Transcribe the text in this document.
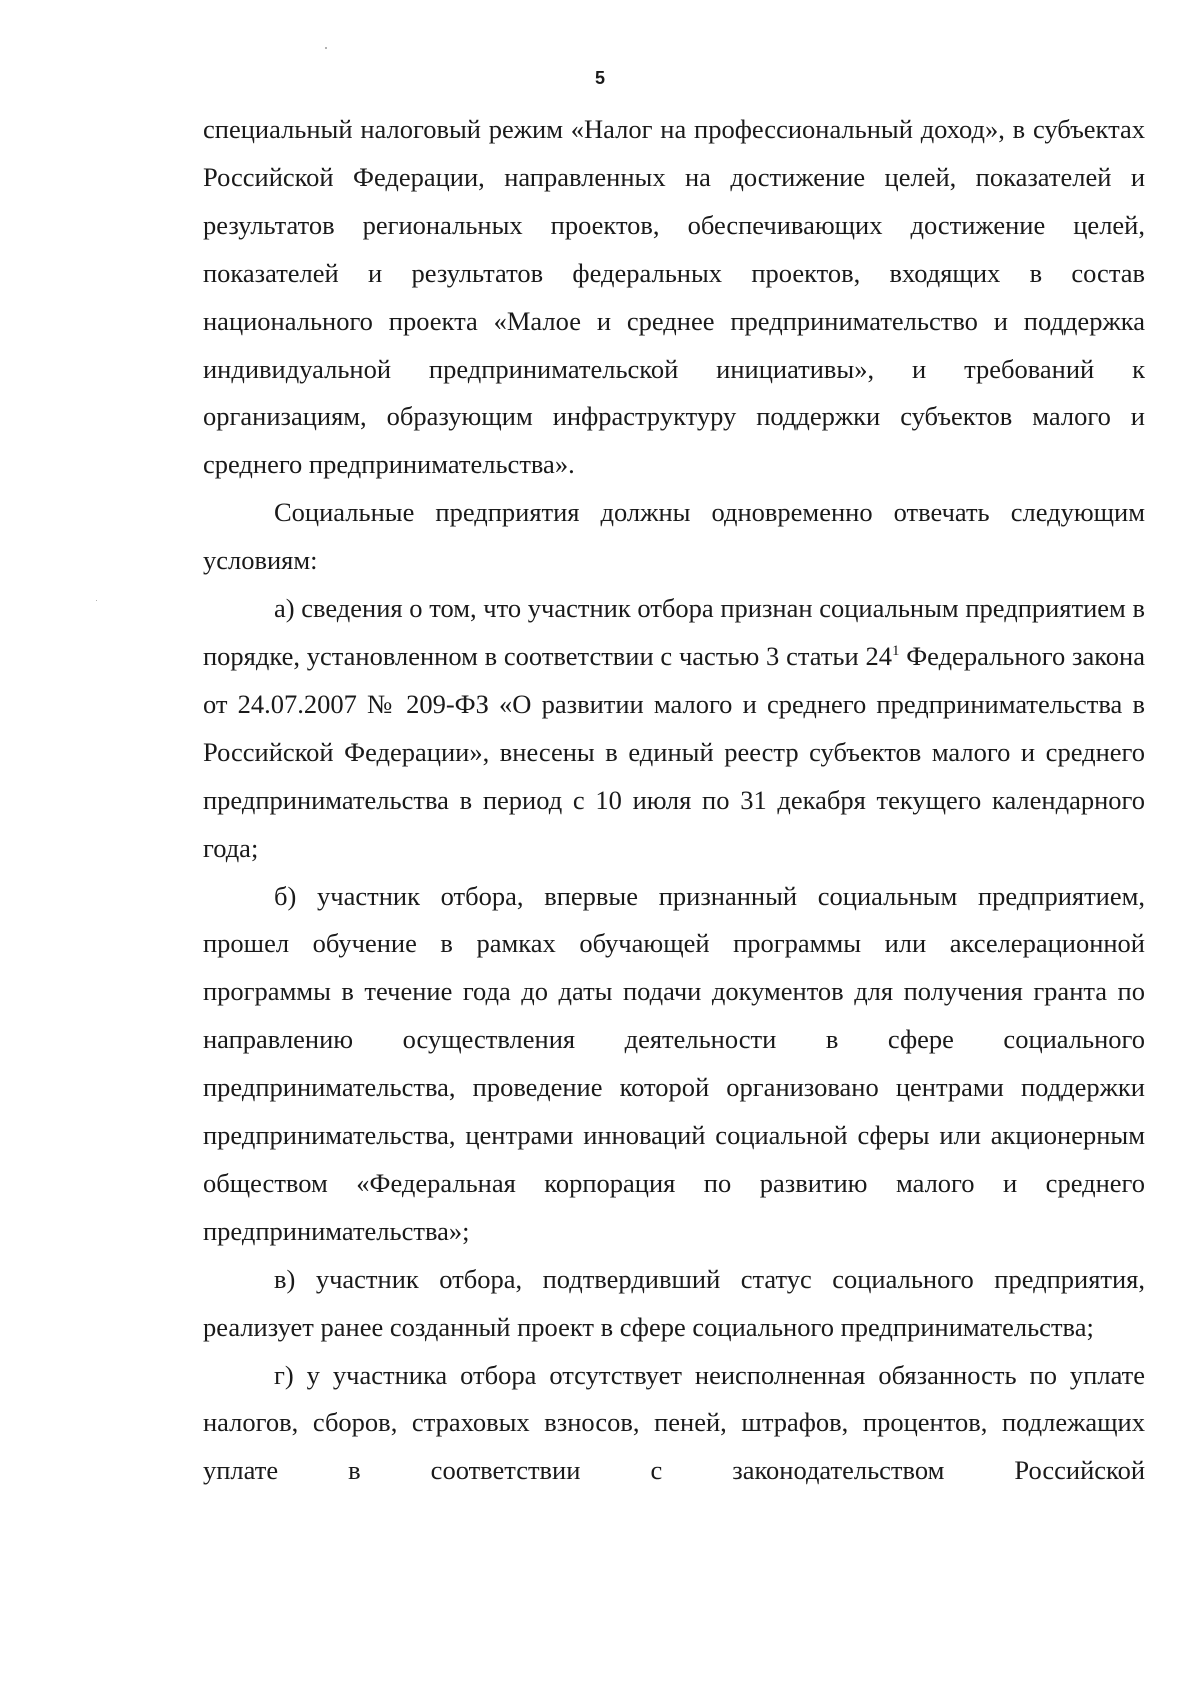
5

специальный налоговый режим «Налог на профессиональный доход», в субъектах Российской Федерации, направленных на достижение целей, показателей и результатов региональных проектов, обеспечивающих достижение целей, показателей и результатов федеральных проектов, входящих в состав национального проекта «Малое и среднее предпринимательство и поддержка индивидуальной предпринимательской инициативы», и требований к организациям, образующим инфраструктуру поддержки субъектов малого и среднего предпринимательства».

Социальные предприятия должны одновременно отвечать следующим условиям:

а) сведения о том, что участник отбора признан социальным предприятием в порядке, установленном в соответствии с частью 3 статьи $24^1$ Федерального закона от 24.07.2007 № 209-ФЗ «О развитии малого и среднего предпринимательства в Российской Федерации», внесены в единый реестр субъектов малого и среднего предпринимательства в период с 10 июля по 31 декабря текущего календарного года;

б) участник отбора, впервые признанный социальным предприятием, прошел обучение в рамках обучающей программы или акселерационной программы в течение года до даты подачи документов для получения гранта по направлению осуществления деятельности в сфере социального предпринимательства, проведение которой организовано центрами поддержки предпринимательства, центрами инноваций социальной сферы или акционерным обществом «Федеральная корпорация по развитию малого и среднего предпринимательства»;

в) участник отбора, подтвердивший статус социального предприятия, реализует ранее созданный проект в сфере социального предпринимательства;

г) у участника отбора отсутствует неисполненная обязанность по уплате налогов, сборов, страховых взносов, пеней, штрафов, процентов, подлежащих уплате в соответствии с законодательством Российской
